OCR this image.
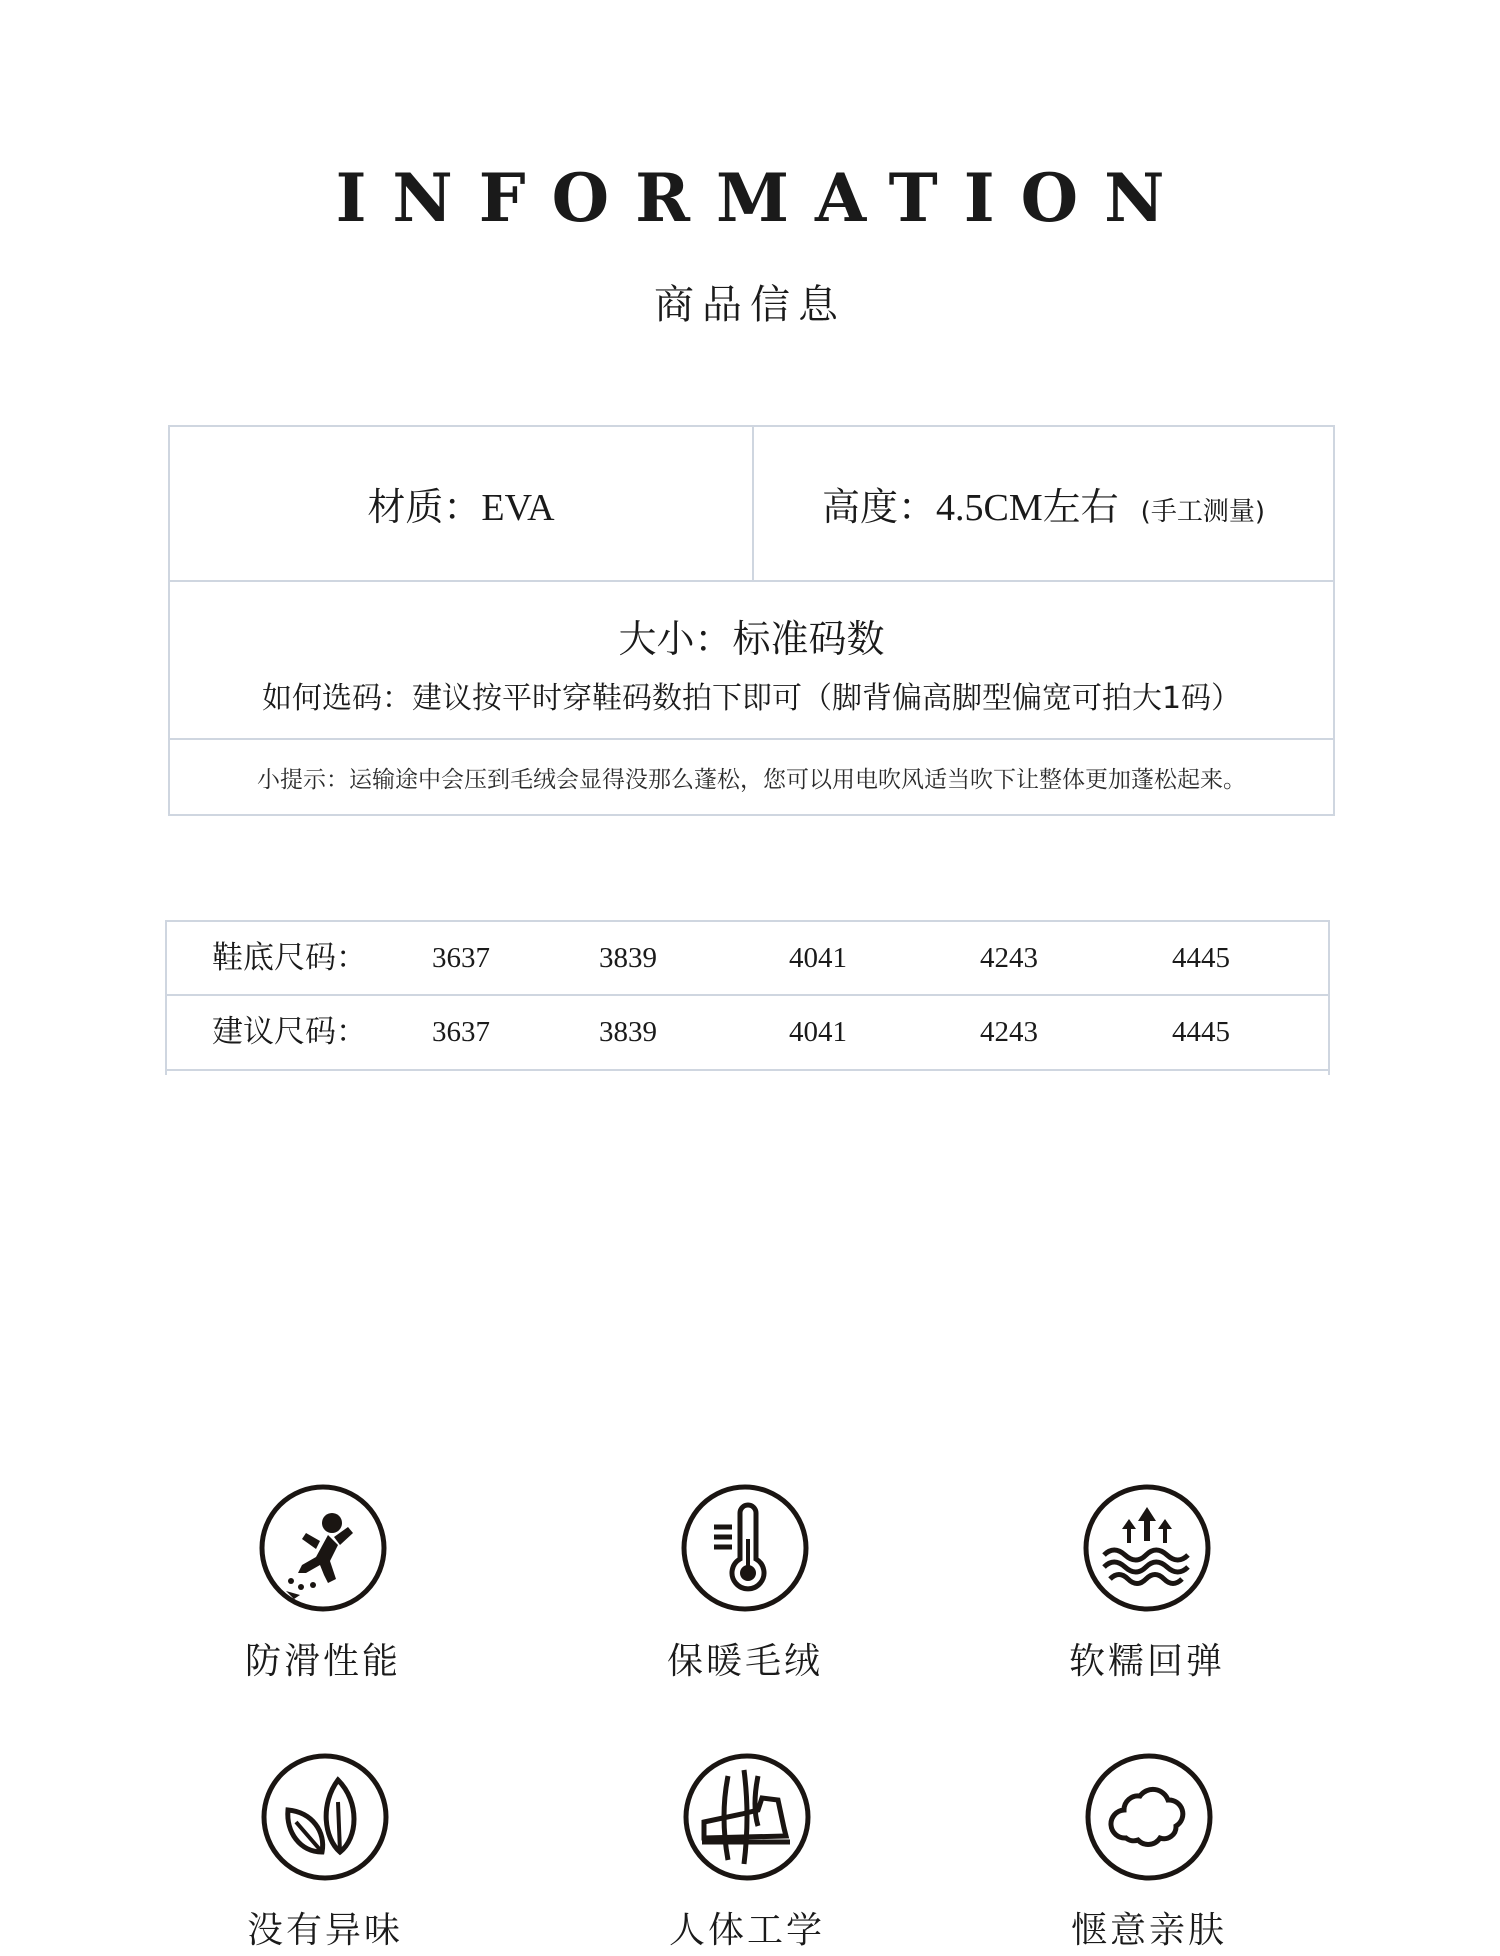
INFORMATION
商品信息
材质：EVA	高度：4.5CM左右 (手工测量)
大小：标准码数
如何选码：建议按平时穿鞋码数拍下即可（脚背偏高脚型偏宽可拍大1码）
小提示：运输途中会压到毛绒会显得没那么蓬松，您可以用电吹风适当吹下让整体更加蓬松起来。
鞋底尺码： 3637	3839	4041	4243	4445
建议尺码： 3637	3839	4041	4243	4445
防滑性能	保暖毛绒	软糯回弹
没有异味	人体工学	惬意亲肤
